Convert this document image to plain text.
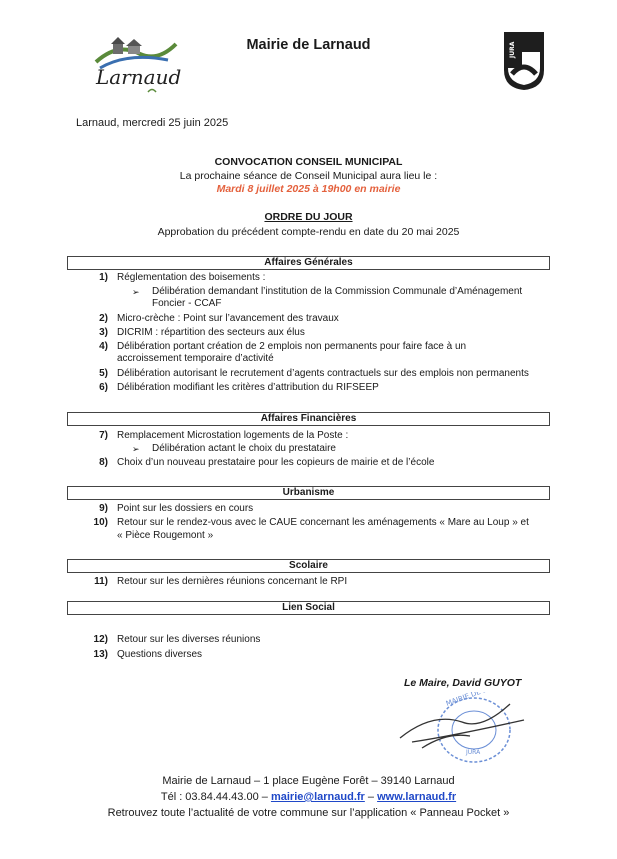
Larnaud
Mairie de Larnaud	JURA
Larnaud, mercredi 25 juin 2025
CONVOCATION CONSEIL MUNICIPAL
La prochaine séance de Conseil Municipal aura lieu le :
Mardi 8 juillet 2025 à 19h00 en mairie
ORDRE DU JOUR
Approbation du précédent compte-rendu en date du 20 mai 2025
Affaires Générales
Affaires Financières
Urbanisme
Scolaire
Lien Social
1) Réglementation des boisements :
➢ Délibération demandant l’institution de la Commission Communale d’Aménagement
Foncier - CCAF
2) Micro-crèche : Point sur l’avancement des travaux
3) DICRIM : répartition des secteurs aux élus
4) Délibération portant création de 2 emplois non permanents pour faire face à un
accroissement temporaire d’activité
5) Délibération autorisant le recrutement d’agents contractuels sur des emplois non permanents
6) Délibération modifiant les critères d’attribution du RIFSEEP
7) Remplacement Microstation logements de la Poste :
➢ Délibération actant le choix du prestataire
8) Choix d’un nouveau prestataire pour les copieurs de mairie et de l’école
9) Point sur les dossiers en cours
10) Retour sur le rendez-vous avec le CAUE concernant les aménagements « Mare au Loup » et
« Pièce Rougemont »
11) Retour sur les dernières réunions concernant le RPI
12) Retour sur les diverses réunions
13) Questions diverses
Le Maire, David GUYOT
JURA
Mairie de Larnaud – 1 place Eugène Forêt – 39140 Larnaud
Tél : 03.84.44.43.00 – mairie@larnaud.fr – www.larnaud.fr
Retrouvez toute l’actualité de votre commune sur l’application « Panneau Pocket »
